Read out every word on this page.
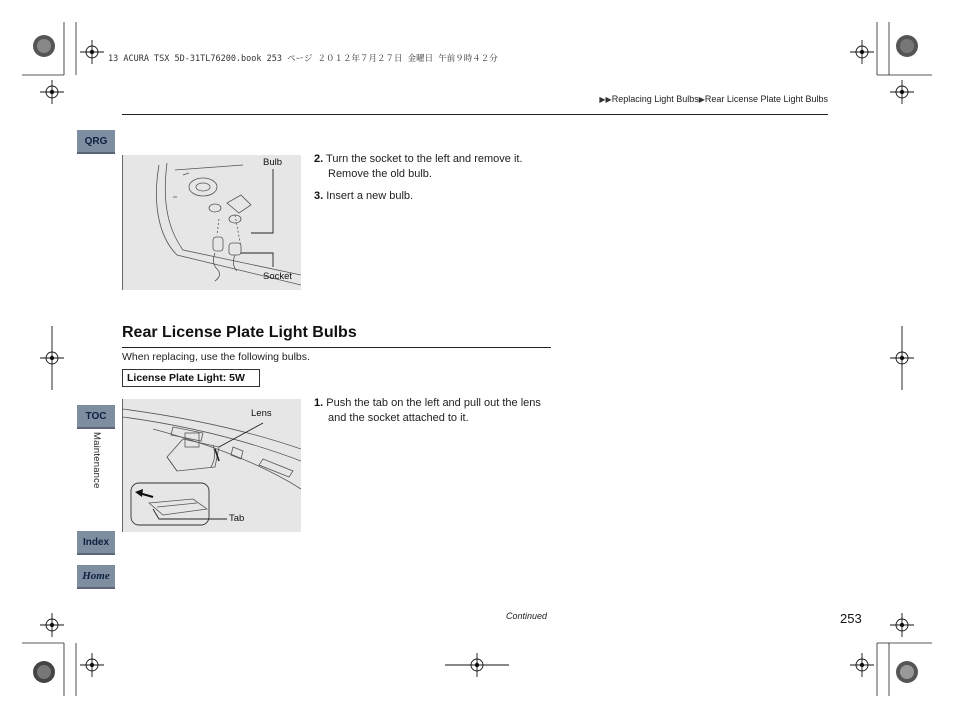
13 ACURA TSX 5D-31TL76200.book 253 ページ ２０１２年７月２７日 金曜日 午前９時４２分
▶▶Replacing Light Bulbs▶Rear License Plate Light Bulbs
QRG
TOC
Maintenance
Index
Home
Bulb
Socket
2. Turn the socket to the left and remove it. Remove the old bulb.
3. Insert a new bulb.
Rear License Plate Light Bulbs
When replacing, use the following bulbs.
License Plate Light: 5W
Lens
Tab
1. Push the tab on the left and pull out the lens and the socket attached to it.
Continued	253
